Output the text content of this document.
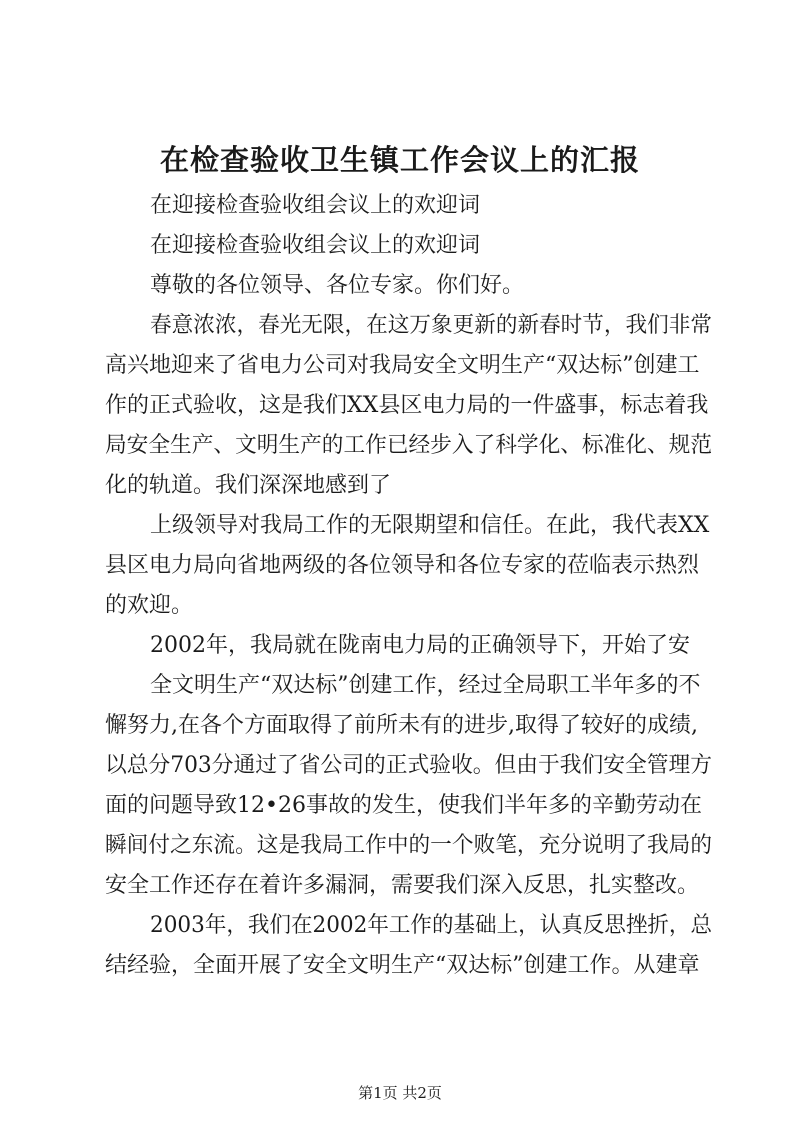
在检查验收卫生镇工作会议上的汇报

在迎接检查验收组会议上的欢迎词

在迎接检查验收组会议上的欢迎词

尊敬的各位领导、各位专家。你们好。

春意浓浓，春光无限，在这万象更新的新春时节，我们非常

高兴地迎来了省电力公司对我局安全文明生产“双达标”创建工

作的正式验收，这是我们XX县区电力局的一件盛事，标志着我

局安全生产、文明生产的工作已经步入了科学化、标准化、规范

化的轨道。我们深深地感到了

上级领导对我局工作的无限期望和信任。在此，我代表XX

县区电力局向省地两级的各位领导和各位专家的莅临表示热烈

的欢迎。

2002年，我局就在陇南电力局的正确领导下，开始了安

全文明生产“双达标”创建工作，经过全局职工半年多的不

懈努力,在各个方面取得了前所未有的进步,取得了较好的成绩,

以总分703分通过了省公司的正式验收。但由于我们安全管理方

面的问题导致12•26事故的发生，使我们半年多的辛勤劳动在

瞬间付之东流。这是我局工作中的一个败笔，充分说明了我局的

安全工作还存在着许多漏洞，需要我们深入反思，扎实整改。

2003年，我们在2002年工作的基础上，认真反思挫折，总

结经验，全面开展了安全文明生产“双达标”创建工作。从建章

第1页 共2页
